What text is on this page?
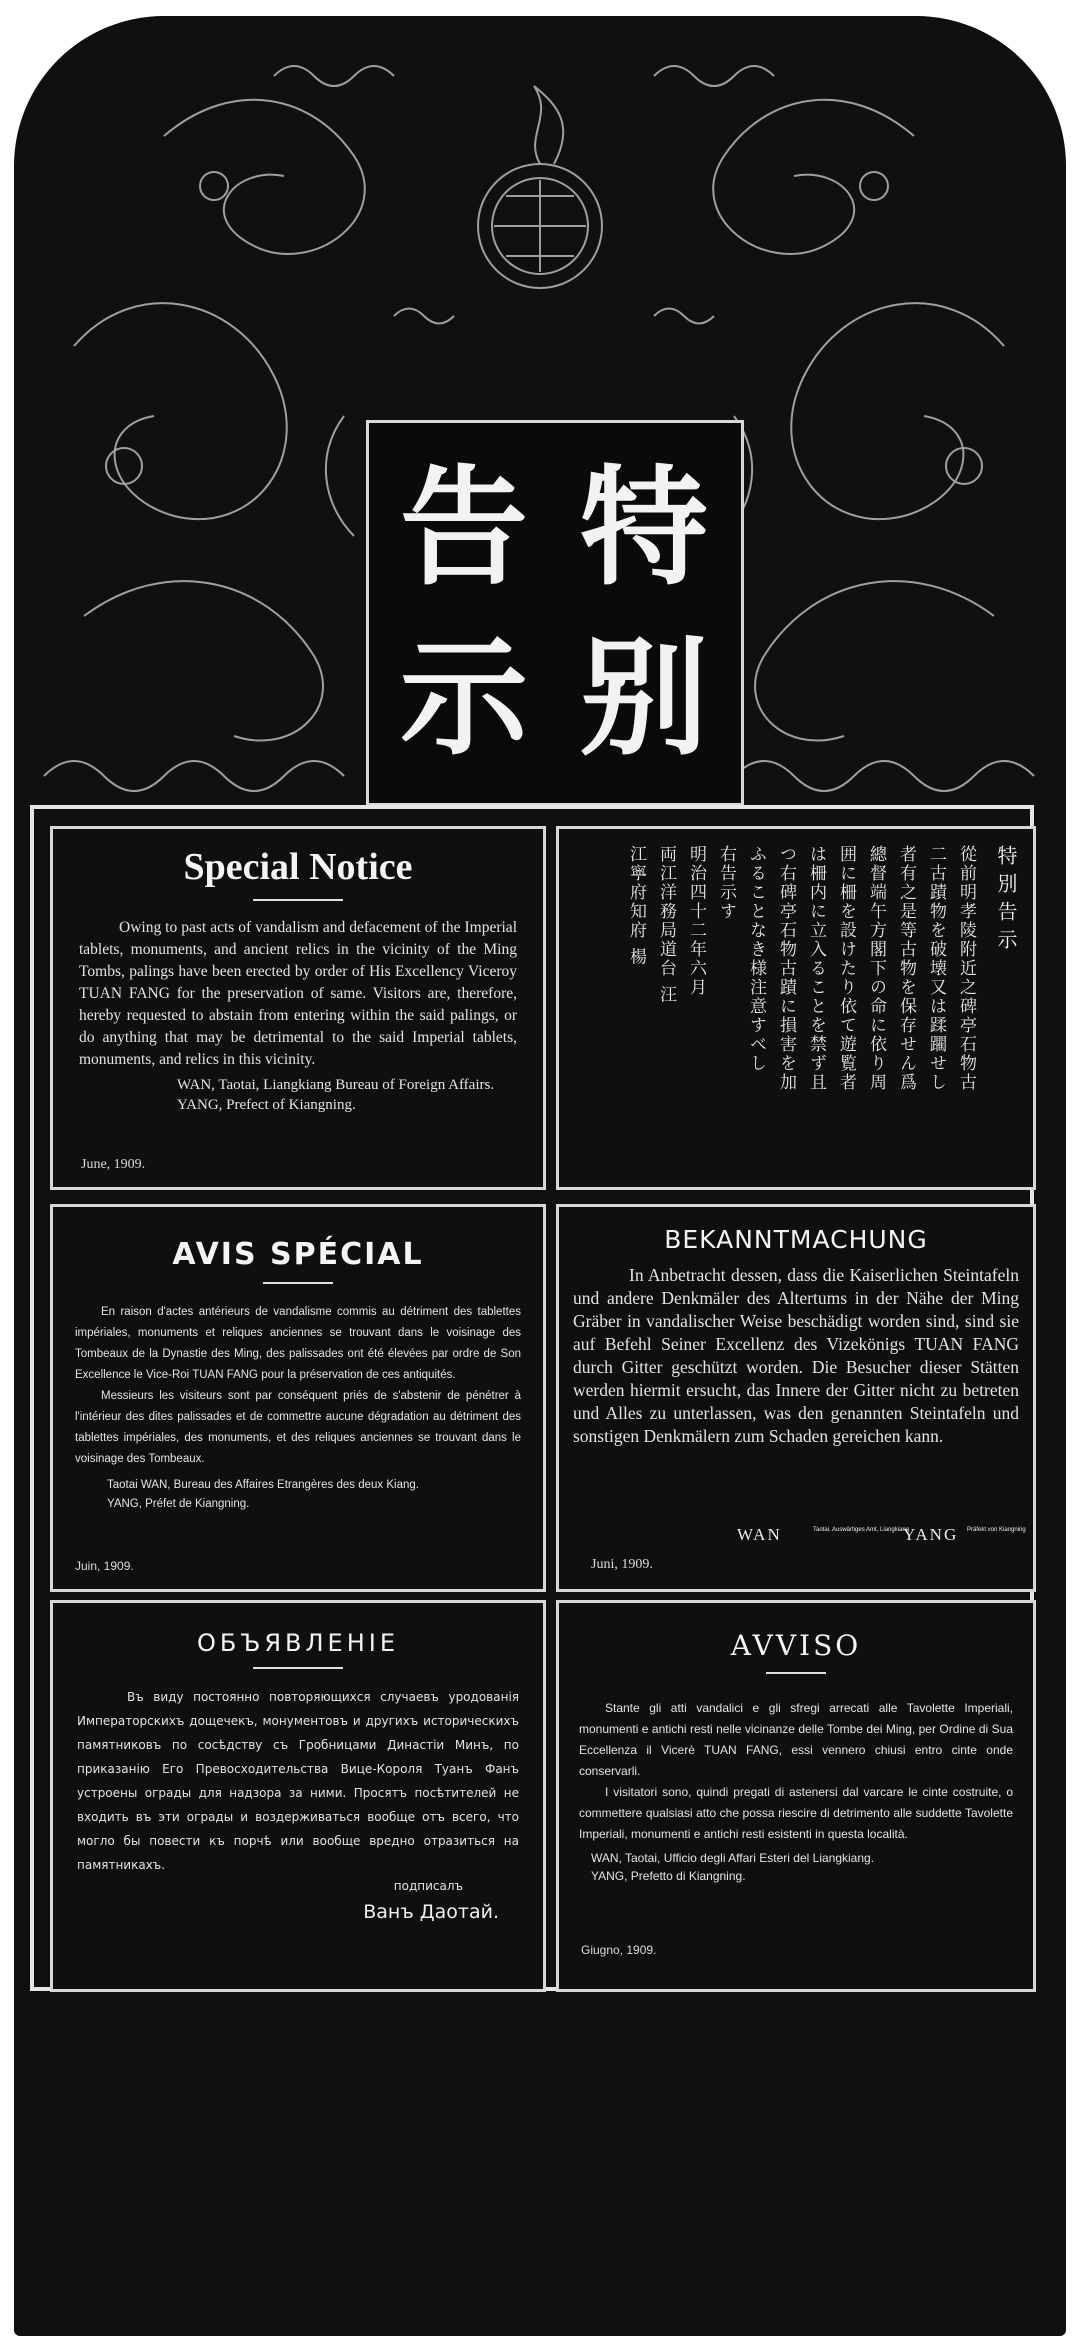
特
别
告
示
Special Notice

Owing to past acts of vandalism and defacement of the Imperial tablets, monuments, and ancient relics in the vicinity of the Ming Tombs, palings have been erected by order of His Excellency Viceroy TUAN FANG for the preservation of same. Visitors are, therefore, hereby requested to abstain from entering within the said palings, or do anything that may be detrimental to the said Imperial tablets, monuments, and relics in this vicinity.

WAN, Taotai, Liangkiang Bureau of Foreign Affairs.
YANG, Prefect of Kiangning.
June, 1909.
特別告示
從前明孝陵附近之碑亭石物古
二古蹟物を破壊又は蹂躙せし
者有之是等古物を保存せん爲
總督端午方閣下の命に依り周
囲に柵を設けたり依て遊覧者
は柵内に立入ることを禁ず且
つ右碑亭石物古蹟に損害を加
ふることなき様注意すべし
右告示す
明治四十二年六月
両江洋務局道台 汪
江寧府知府 楊
AVIS SPÉCIAL

En raison d'actes antérieurs de vandalisme commis au détriment des tablettes impériales, monuments et reliques anciennes se trouvant dans le voisinage des Tombeaux de la Dynastie des Ming, des palissades ont été élevées par ordre de Son Excellence le Vice-Roi TUAN FANG pour la préservation de ces antiquités.

Messieurs les visiteurs sont par conséquent priés de s'abstenir de pénétrer à l'intérieur des dites palissades et de commettre aucune dégradation au détriment des tablettes impériales, des monuments, et des reliques anciennes se trouvant dans le voisinage des Tombeaux.

Taotai WAN, Bureau des Affaires Etrangères des deux Kiang.
YANG, Préfet de Kiangning.
Juin, 1909.
BEKANNTMACHUNG

In Anbetracht dessen, dass die Kaiserlichen Steintafeln und andere Denkmäler des Altertums in der Nähe der Ming Gräber in vandalischer Weise beschädigt worden sind, sind sie auf Befehl Seiner Excellenz des Vizekönigs TUAN FANG durch Gitter geschützt worden. Die Besucher dieser Stätten werden hiermit ersucht, das Innere der Gitter nicht zu betreten und Alles zu unterlassen, was den genannten Steintafeln und sonstigen Denkmälern zum Schaden gereichen kann.

WAN	Taotai, Auswärtiges Amt, Liangkiang
YANG Präfekt von Kiangning
Juni, 1909.
ОБЪЯВЛЕНIЕ

Въ виду постоянно повторяющихся случаевъ уродованія Императорскихъ дощечекъ, монументовъ и другихъ историческихъ памятниковъ по сосѣдству съ Гробницами Династіи Минъ, по приказанію Его Превосходительства Вице-Короля Туанъ Фанъ устроены ограды для надзора за ними. Просятъ посѣтителей не входить въ эти ограды и воздерживаться вообще отъ всего, что могло бы повести къ порчѣ или вообще вредно отразиться на памятникахъ.

подписалъ
Ванъ Даотай.
AVVISO

Stante gli atti vandalici e gli sfregi arrecati alle Tavolette Imperiali, monumenti e antichi resti nelle vicinanze delle Tombe dei Ming, per Ordine di Sua Eccellenza il Vicerè TUAN FANG, essi vennero chiusi entro cinte onde conservarli.

I visitatori sono, quindi pregati di astenersi dal varcare le cinte costruite, o commettere qualsiasi atto che possa riescire di detrimento alle suddette Tavolette Imperiali, monumenti e antichi resti esistenti in questa località.

WAN, Taotai, Ufficio degli Affari Esteri del Liangkiang.
YANG, Prefetto di Kiangning.
Giugno, 1909.
